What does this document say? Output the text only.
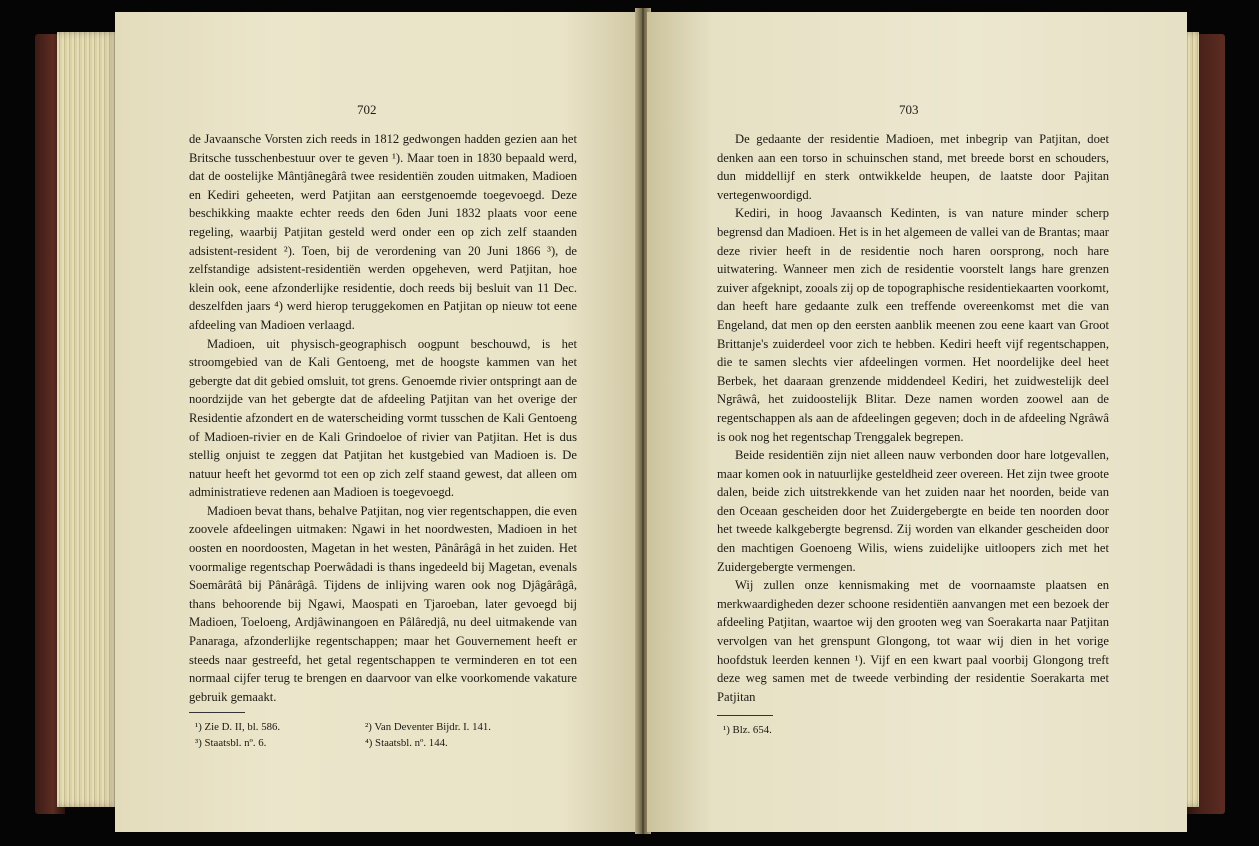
702

de Javaansche Vorsten zich reeds in 1812 gedwongen hadden gezien aan het Britsche tusschenbestuur over te geven ¹). Maar toen in 1830 bepaald werd, dat de oostelijke Mântjânegârâ twee residentiën zouden uitmaken, Madioen en Kediri geheeten, werd Patjitan aan eerstgenoemde toegevoegd. Deze beschikking maakte echter reeds den 6den Juni 1832 plaats voor eene regeling, waarbij Patjitan gesteld werd onder een op zich zelf staanden adsistent-resident ²). Toen, bij de verordening van 20 Juni 1866 ³), de zelfstandige adsistent-residentiën werden opgeheven, werd Patjitan, hoe klein ook, eene afzonderlijke residentie, doch reeds bij besluit van 11 Dec. deszelfden jaars ⁴) werd hierop teruggekomen en Patjitan op nieuw tot eene afdeeling van Madioen verlaagd.

Madioen, uit physisch-geographisch oogpunt beschouwd, is het stroomgebied van de Kali Gentoeng, met de hoogste kammen van het gebergte dat dit gebied omsluit, tot grens. Genoemde rivier ontspringt aan de noordzijde van het gebergte dat de afdeeling Patjitan van het overige der Residentie afzondert en de waterscheiding vormt tusschen de Kali Gentoeng of Madioen-rivier en de Kali Grindoeloe of rivier van Patjitan. Het is dus stellig onjuist te zeggen dat Patjitan het kustgebied van Madioen is. De natuur heeft het gevormd tot een op zich zelf staand gewest, dat alleen om administratieve redenen aan Madioen is toegevoegd.

Madioen bevat thans, behalve Patjitan, nog vier regentschappen, die even zoovele afdeelingen uitmaken: Ngawi in het noordwesten, Madioen in het oosten en noordoosten, Magetan in het westen, Pânârâgâ in het zuiden. Het voormalige regentschap Poerwâdadi is thans ingedeeld bij Magetan, evenals Soemârâtâ bij Pânârâgâ. Tijdens de inlijving waren ook nog Djâgârâgâ, thans behoorende bij Ngawi, Maospati en Tjaroeban, later gevoegd bij Madioen, Toeloeng, Ardjâwinangoen en Pâlâredjâ, nu deel uitmakende van Panaraga, afzonderlijke regentschappen; maar het Gouvernement heeft er steeds naar gestreefd, het getal regentschappen te verminderen en tot een normaal cijfer terug te brengen en daarvoor van elke voorkomende vakature gebruik gemaakt.

¹) Zie D. II, bl. 586.	²) Van Deventer Bijdr. I. 141.
³) Staatsbl. nº. 6.	⁴) Staatsbl. nº. 144.
703

De gedaante der residentie Madioen, met inbegrip van Patjitan, doet denken aan een torso in schuinschen stand, met breede borst en schouders, dun middellijf en sterk ontwikkelde heupen, de laatste door Pajitan vertegenwoordigd.

Kediri, in hoog Javaansch Kedinten, is van nature minder scherp begrensd dan Madioen. Het is in het algemeen de vallei van de Brantas; maar deze rivier heeft in de residentie noch haren oorsprong, noch hare uitwatering. Wanneer men zich de residentie voorstelt langs hare grenzen zuiver afgeknipt, zooals zij op de topographische residentiekaarten voorkomt, dan heeft hare gedaante zulk een treffende overeenkomst met die van Engeland, dat men op den eersten aanblik meenen zou eene kaart van Groot Brittanje's zuiderdeel voor zich te hebben. Kediri heeft vijf regentschappen, die te samen slechts vier afdeelingen vormen. Het noordelijke deel heet Berbek, het daaraan grenzende middendeel Kediri, het zuidwestelijk deel Ngrâwâ, het zuidoostelijk Blitar. Deze namen worden zoowel aan de regentschappen als aan de afdeelingen gegeven; doch in de afdeeling Ngrâwâ is ook nog het regentschap Trenggalek begrepen.

Beide residentiën zijn niet alleen nauw verbonden door hare lotgevallen, maar komen ook in natuurlijke gesteldheid zeer overeen. Het zijn twee groote dalen, beide zich uitstrekkende van het zuiden naar het noorden, beide van den Oceaan gescheiden door het Zuidergebergte en beide ten noorden door het tweede kalkgebergte begrensd. Zij worden van elkander gescheiden door den machtigen Goenoeng Wilis, wiens zuidelijke uitloopers zich met het Zuidergebergte vermengen.

Wij zullen onze kennismaking met de voornaamste plaatsen en merkwaardigheden dezer schoone residentiën aanvangen met een bezoek der afdeeling Patjitan, waartoe wij den grooten weg van Soerakarta naar Patjitan vervolgen van het grenspunt Glongong, tot waar wij dien in het vorige hoofdstuk leerden kennen ¹). Vijf en een kwart paal voorbij Glongong treft deze weg samen met de tweede verbinding der residentie Soerakarta met Patjitan

¹) Blz. 654.
